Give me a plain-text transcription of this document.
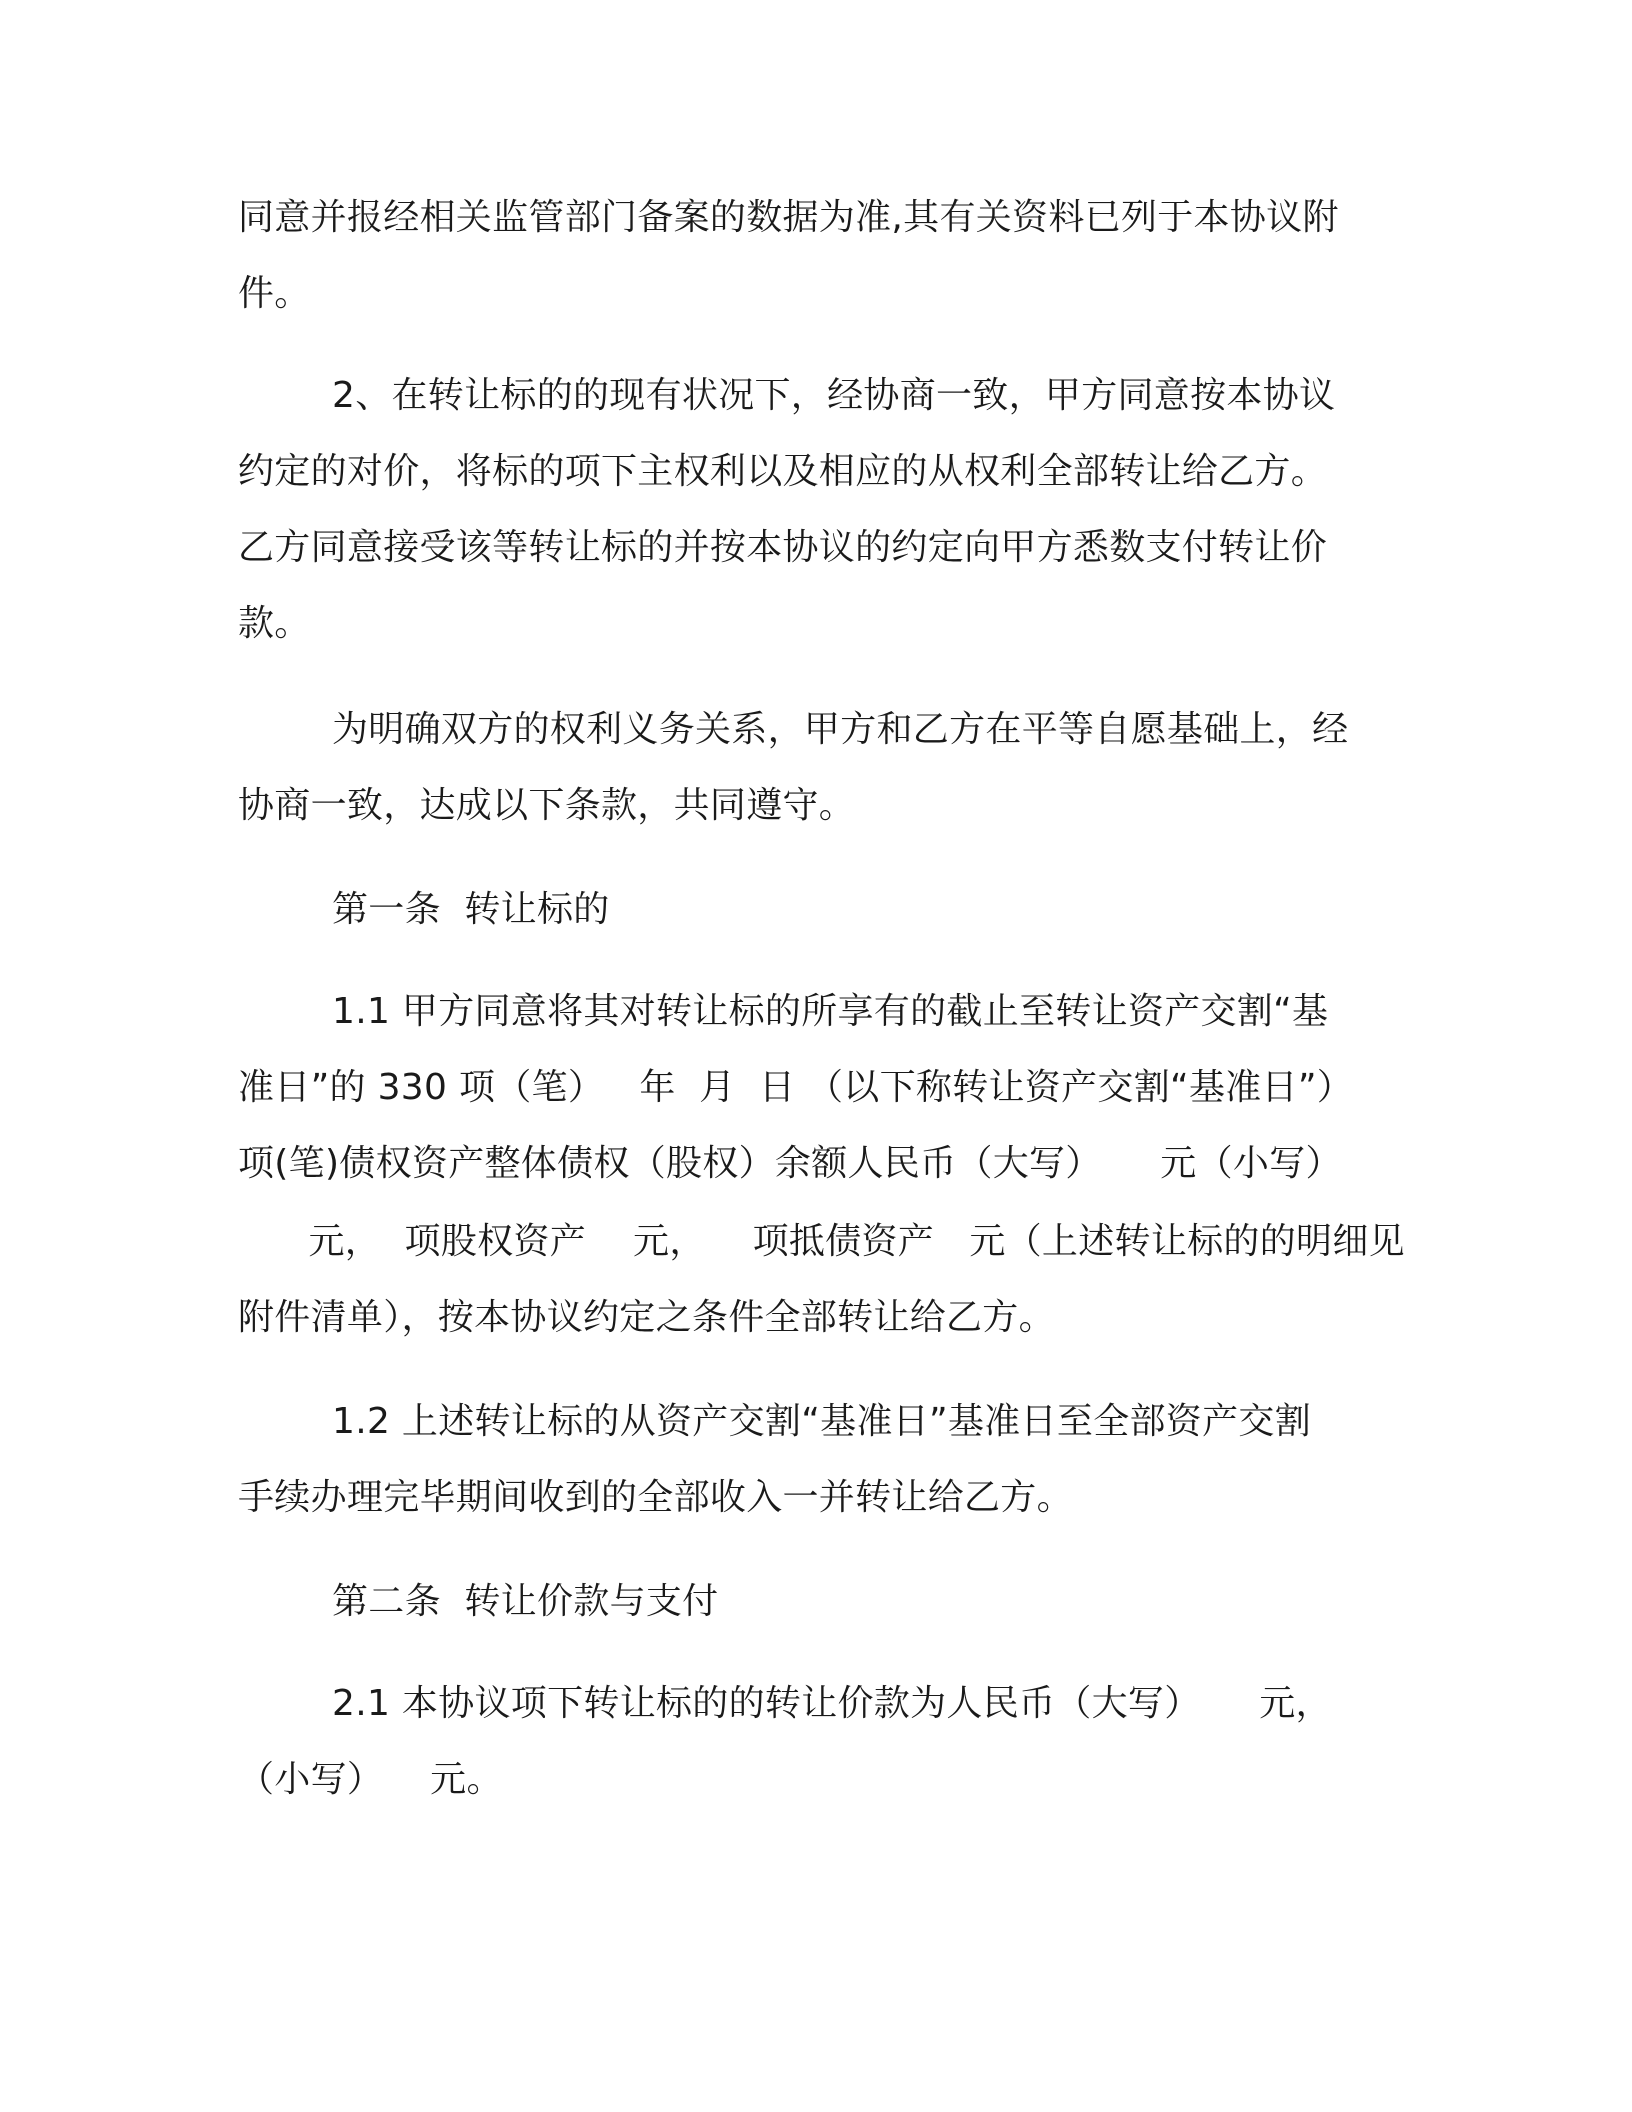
同意并报经相关监管部门备案的数据为准,其有关资料已列于本协议附
件。
2、在转让标的的现有状况下，经协商一致，甲方同意按本协议
约定的对价，将标的项下主权利以及相应的从权利全部转让给乙方。
乙方同意接受该等转让标的并按本协议的约定向甲方悉数支付转让价
款。
为明确双方的权利义务关系，甲方和乙方在平等自愿基础上，经
协商一致，达成以下条款，共同遵守。
第一条  转让标的
1.1 甲方同意将其对转让标的所享有的截止至转让资产交割“基
准日”的 330 项（笔）   年  月  日 （以下称转让资产交割“基准日”）
项(笔)债权资产整体债权（股权）余额人民币（大写）     元（小写）
元，  项股权资产    元，    项抵债资产   元（上述转让标的的明细见
附件清单），按本协议约定之条件全部转让给乙方。
1.2 上述转让标的从资产交割“基准日”基准日至全部资产交割
手续办理完毕期间收到的全部收入一并转让给乙方。
第二条  转让价款与支付
2.1 本协议项下转让标的的转让价款为人民币（大写）     元，
（小写）    元。
